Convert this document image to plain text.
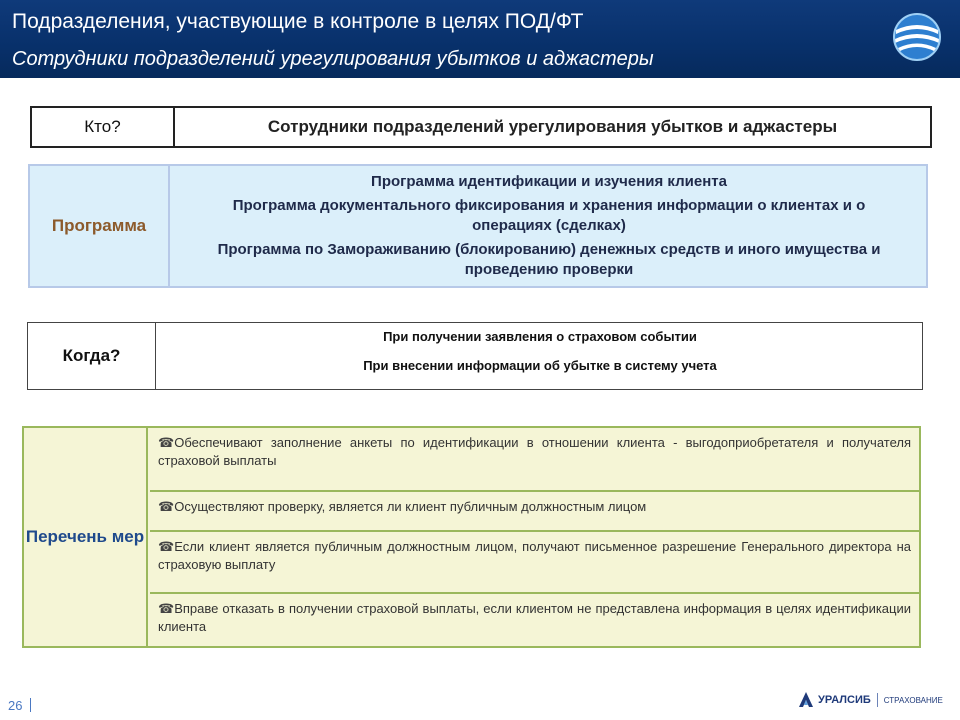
Подразделения, участвующие в контроле в целях ПОД/ФТ
Сотрудники подразделений урегулирования убытков и аджастеры
Кто?	Сотрудники подразделений урегулирования убытков и аджастеры
Программа

Программа идентификации и изучения клиента

Программа документального фиксирования и хранения информации о клиентах и о операциях (сделках)

Программа по Замораживанию (блокированию) денежных средств и иного имущества и проведению проверки

Когда?
При получении заявления о страховом событии
При внесении информации об убытке в систему учета
Перечень мер
☎Обеспечивают заполнение анкеты по идентификации в отношении клиента - выгодоприобретателя и получателя страховой выплаты
☎Осуществляют проверку, является ли клиент публичным должностным лицом
☎Если клиент является публичным должностным лицом, получают письменное разрешение Генерального директора на страховую выплату
☎Вправе отказать в получении страховой выплаты, если клиентом не представлена информация в целях идентификации клиента
26	УРАЛСИБ СТРАХОВАНИЕ
